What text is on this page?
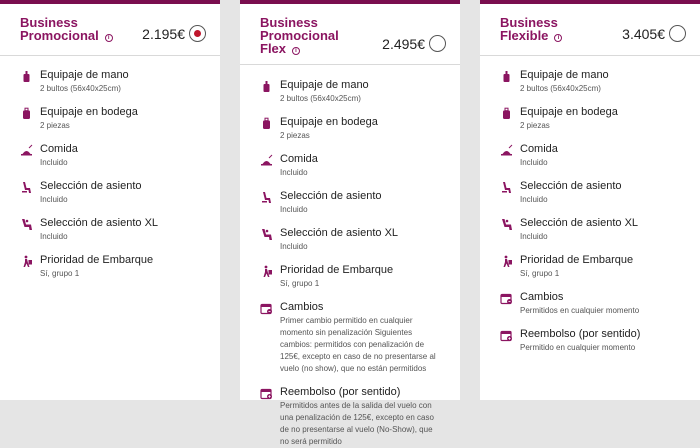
Business
Promocional i	2.195€
Equipaje de mano
2 bultos (56x40x25cm)
Equipaje en bodega
2 piezas
Comida
Incluido
Selección de asiento
Incluido
Selección de asiento XL
Incluido
Prioridad de Embarque
Sí, grupo 1
Business
Promocional
Flex i	2.495€
Equipaje de mano
2 bultos (56x40x25cm)
Equipaje en bodega
2 piezas
Comida
Incluido
Selección de asiento
Incluido
Selección de asiento XL
Incluido
Prioridad de Embarque
Sí, grupo 1
Cambios
Primer cambio permitido en cualquier momento sin penalización Siguientes cambios: permitidos con penalización de 125€, excepto en caso de no presentarse al vuelo (no show), que no están permitidos
Reembolso (por sentido)
Permitidos antes de la salida del vuelo con una penalización de 125€, excepto en caso de no presentarse al vuelo (No-Show), que no será permitido
Business
Flexible i	3.405€
Equipaje de mano
2 bultos (56x40x25cm)
Equipaje en bodega
2 piezas
Comida
Incluido
Selección de asiento
Incluido
Selección de asiento XL
Incluido
Prioridad de Embarque
Sí, grupo 1
Cambios
Permitidos en cualquier momento
Reembolso (por sentido)
Permitido en cualquier momento
